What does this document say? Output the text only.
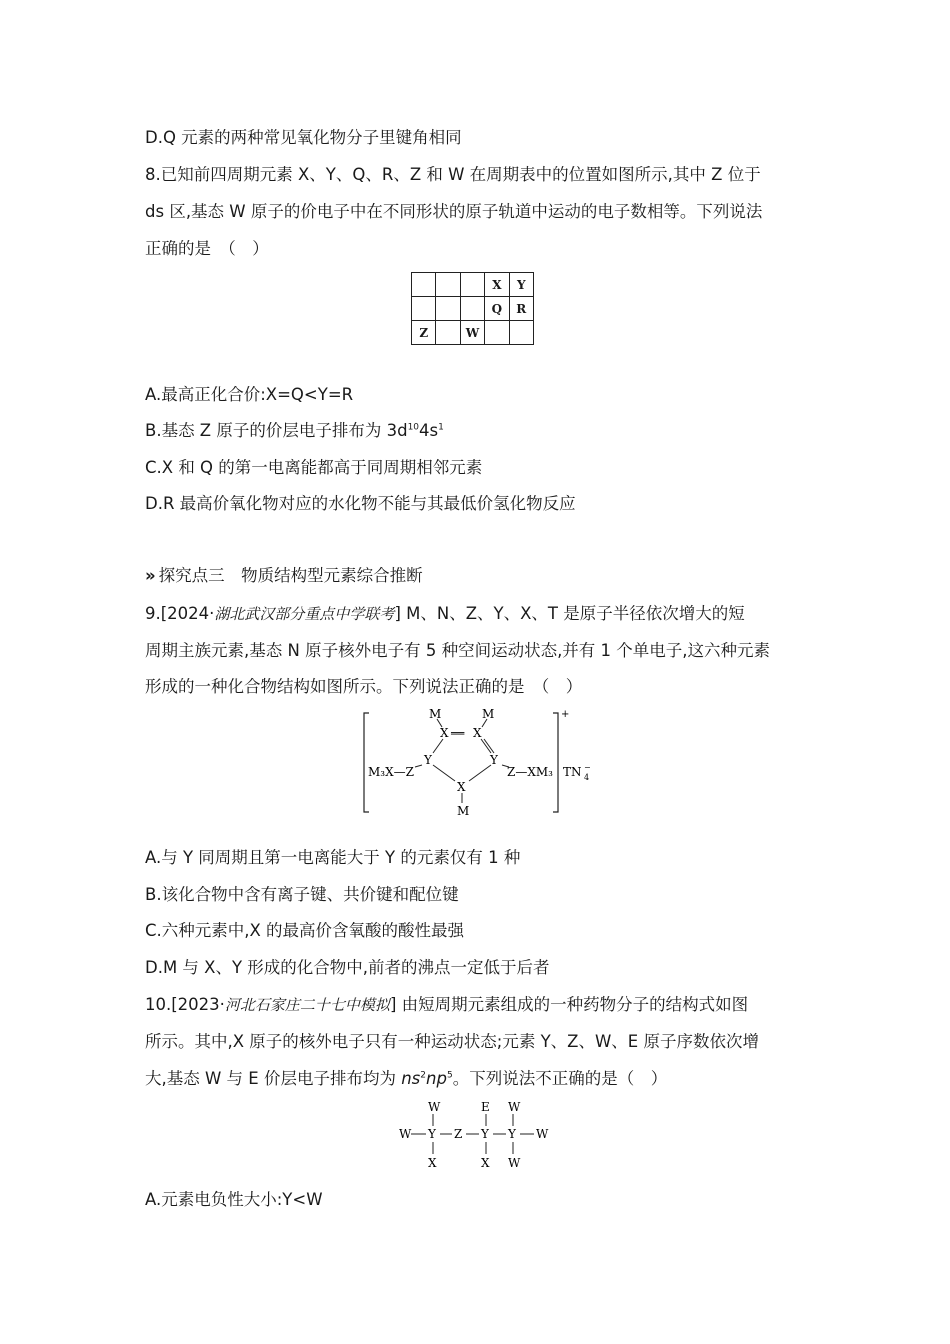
D.Q 元素的两种常见氧化物分子里键角相同
8.已知前四周期元素 X、Y、Q、R、Z 和 W 在周期表中的位置如图所示,其中 Z 位于
ds 区,基态 W 原子的价电子中在不同形状的原子轨道中运动的电子数相等。下列说法
正确的是　（　）
			X	Y
			Q	R
Z		W		
A.最高正化合价:X=Q<Y=R
B.基态 Z 原子的价层电子排布为 $3d^{10}4s^1$
C.X 和 Q 的第一电离能都高于同周期相邻元素
D.R 最高价氧化物对应的水化物不能与其最低价氢化物反应
» 探究点三　物质结构型元素综合推断
9.[2024·湖北武汉部分重点中学联考] M、N、Z、Y、X、T 是原子半径依次增大的短
周期主族元素,基态 N 原子核外电子有 5 种空间运动状态,并有 1 个单电子,这六种元素
形成的一种化合物结构如图所示。下列说法正确的是　（　）
M	M
X ══ X
Y	Y
X
M
M₃X—Z	Z—XM₃
+
TN 4
−
A.与 Y 同周期且第一电离能大于 Y 的元素仅有 1 种
B.该化合物中含有离子键、共价键和配位键
C.六种元素中,X 的最高价含氧酸的酸性最强
D.M 与 X、Y 形成的化合物中,前者的沸点一定低于后者
10.[2023·河北石家庄二十七中模拟] 由短周期元素组成的一种药物分子的结构式如图
所示。其中,X 原子的核外电子只有一种运动状态;元素 Y、Z、W、E 原子序数依次增
大,基态 W 与 E 价层电子排布均为 $ns^2np^5$。下列说法不正确的是（　）
W	E W
W Y Z Y Y W
X	X W
A.元素电负性大小:Y<W
